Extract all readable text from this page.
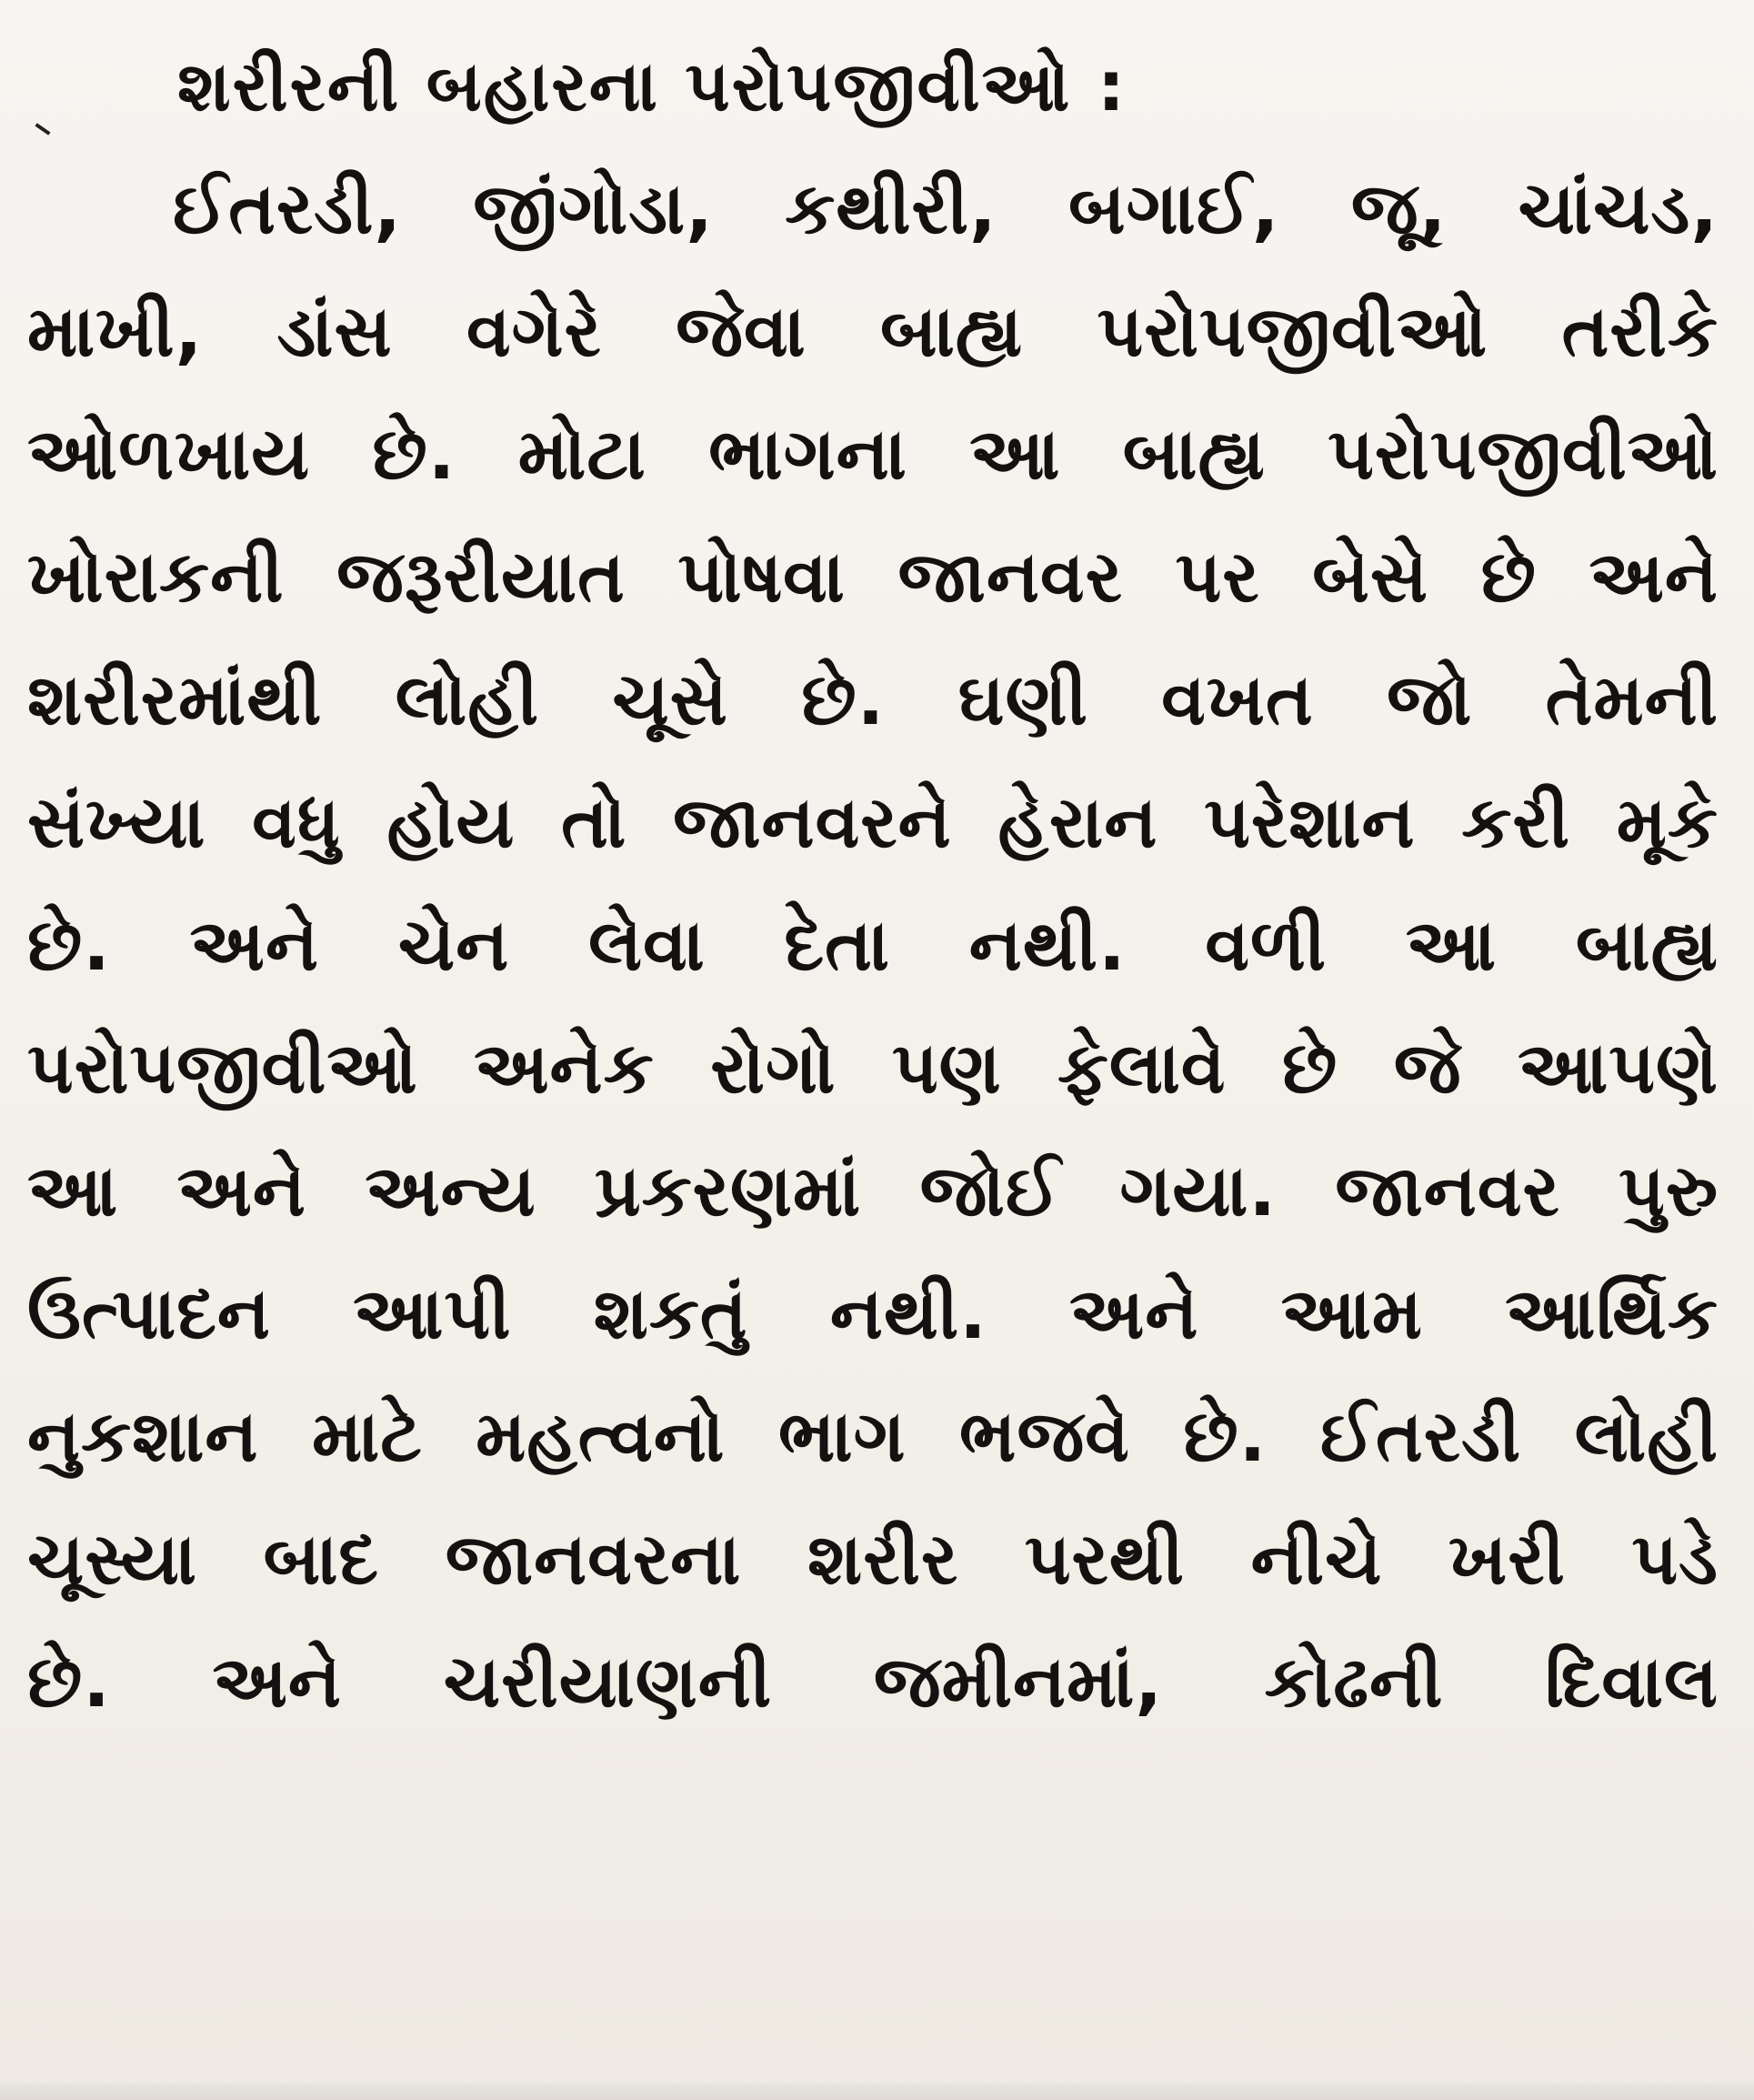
શરીરની બહારના પરોપજીવીઓ :
ઈતરડી, જીંગોડા, કથીરી, બગાઈ, જૂ, ચાંચડ,
માખી, ડાંસ વગેરે જેવા બાહ્ય પરોપજીવીઓ તરીકે
ઓળખાય છે. મોટા ભાગના આ બાહ્ય પરોપજીવીઓ
ખોરાકની જરૂરીયાત પોષવા જાનવર પર બેસે છે અને
શરીરમાંથી લોહી ચૂસે છે. ઘણી વખત જો તેમની
સંખ્યા વધુ હોય તો જાનવરને હેરાન પરેશાન કરી મૂકે
છે. અને ચેન લેવા દેતા નથી. વળી આ બાહ્ય
પરોપજીવીઓ અનેક રોગો પણ ફેલાવે છે જે આપણે
આ અને અન્ય પ્રકરણમાં જોઈ ગયા. જાનવર પુરુ
ઉત્પાદન આપી શકતું નથી. અને આમ આર્થિક
નુકશાન માટે મહત્વનો ભાગ ભજવે છે. ઈતરડી લોહી
ચૂસ્યા બાદ જાનવરના શરીર પરથી નીચે ખરી પડે
છે. અને ચરીયાણની જમીનમાં, કોઢની દિવાલ
